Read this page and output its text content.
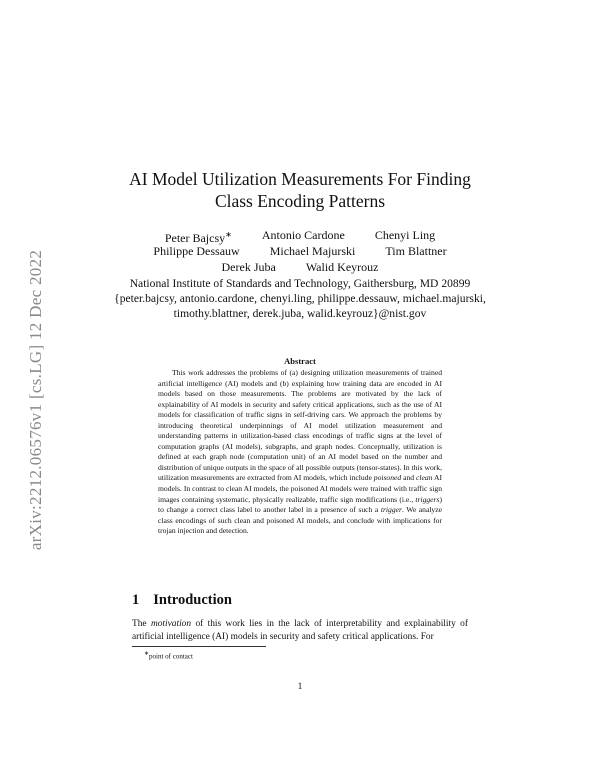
arXiv:2212.06576v1 [cs.LG] 12 Dec 2022
AI Model Utilization Measurements For Finding
Class Encoding Patterns
Peter Bajcsy∗	Antonio Cardone	Chenyi Ling
Philippe Dessauw	Michael Majurski	Tim Blattner
Derek Juba	Walid Keyrouz
National Institute of Standards and Technology, Gaithersburg, MD 20899
{peter.bajcsy, antonio.cardone, chenyi.ling, philippe.dessauw, michael.majurski,
timothy.blattner, derek.juba, walid.keyrouz}@nist.gov
Abstract

This work addresses the problems of (a) designing utilization measurements of trained artificial intelligence (AI) models and (b) explaining how training data are encoded in AI models based on those measurements. The problems are motivated by the lack of explainability of AI models in security and safety critical applications, such as the use of AI models for classification of traffic signs in self-driving cars. We approach the problems by introducing theoretical underpinnings of AI model utilization measurement and understanding patterns in utilization-based class encodings of traffic signs at the level of computation graphs (AI models), subgraphs, and graph nodes. Conceptually, utilization is defined at each graph node (computation unit) of an AI model based on the number and distribution of unique outputs in the space of all possible outputs (tensor-states). In this work, utilization measurements are extracted from AI models, which include poisoned and clean AI models. In contrast to clean AI models, the poisoned AI models were trained with traffic sign images containing systematic, physically realizable, traffic sign modifications (i.e., triggers) to change a correct class label to another label in a presence of such a trigger. We analyze class encodings of such clean and poisoned AI models, and conclude with implications for trojan injection and detection.

1 Introduction

The motivation of this work lies in the lack of interpretability and explainability of artificial intelligence (AI) models in security and safety critical applications. For

∗point of contact
1
